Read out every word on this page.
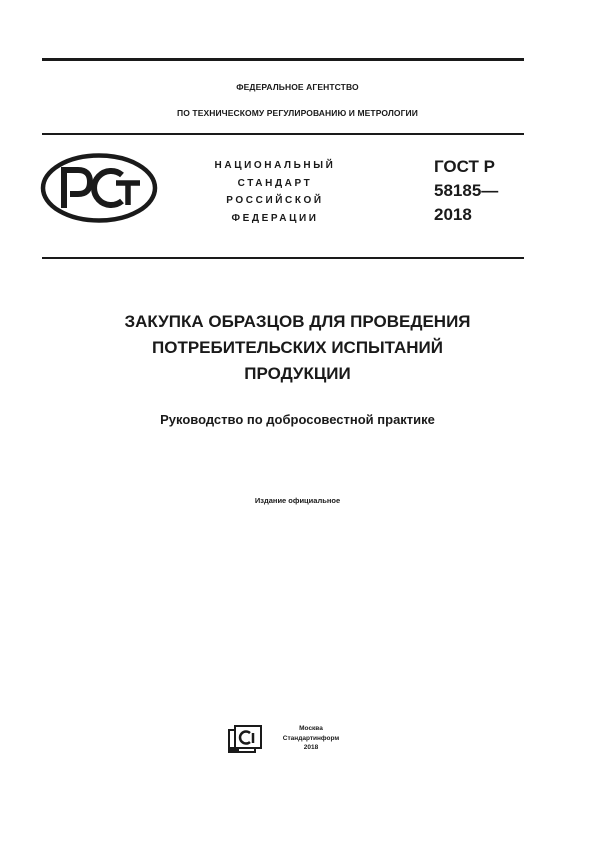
ФЕДЕРАЛЬНОЕ АГЕНТСТВО
ПО ТЕХНИЧЕСКОМУ РЕГУЛИРОВАНИЮ И МЕТРОЛОГИИ
НАЦИОНАЛЬНЫЙ
СТАНДАРТ
РОССИЙСКОЙ
ФЕДЕРАЦИИ
ГОСТ Р
58185—
2018
ЗАКУПКА ОБРАЗЦОВ ДЛЯ ПРОВЕДЕНИЯ
ПОТРЕБИТЕЛЬСКИХ ИСПЫТАНИЙ
ПРОДУКЦИИ
Руководство по добросовестной практике
Издание официальное
Москва
Стандартинформ
2018
